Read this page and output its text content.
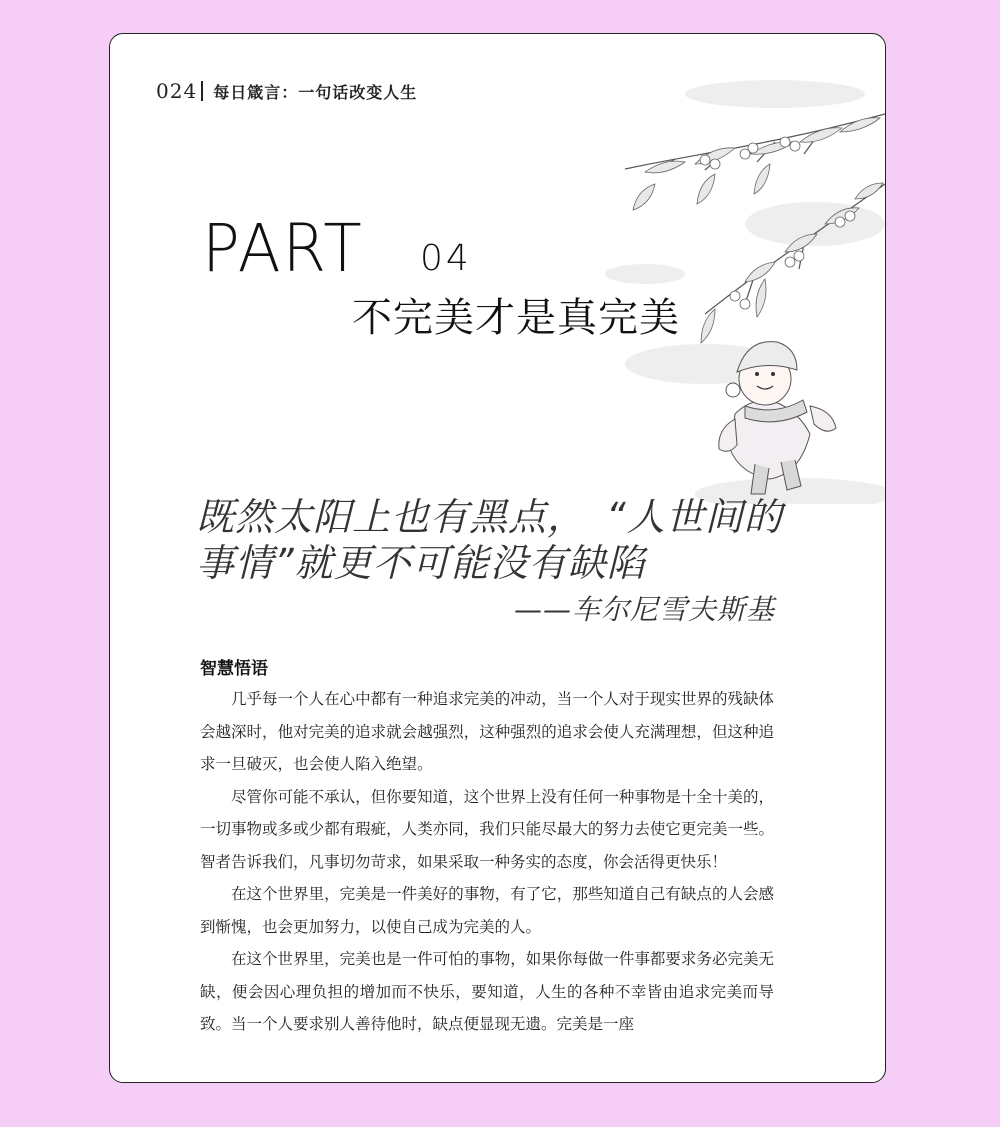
024 每日箴言：一句话改变人生
PART 04
不完美才是真完美
既然太阳上也有黑点，　“人世间的事情”就更不可能没有缺陷
——车尔尼雪夫斯基
智慧悟语

几乎每一个人在心中都有一种追求完美的冲动，当一个人对于现实世界的残缺体会越深时，他对完美的追求就会越强烈，这种强烈的追求会使人充满理想，但这种追求一旦破灭，也会使人陷入绝望。

尽管你可能不承认，但你要知道，这个世界上没有任何一种事物是十全十美的，一切事物或多或少都有瑕疵，人类亦同，我们只能尽最大的努力去使它更完美一些。智者告诉我们，凡事切勿苛求，如果采取一种务实的态度，你会活得更快乐！

在这个世界里，完美是一件美好的事物，有了它，那些知道自己有缺点的人会感到惭愧，也会更加努力，以使自己成为完美的人。

在这个世界里，完美也是一件可怕的事物，如果你每做一件事都要求务必完美无缺，便会因心理负担的增加而不快乐，要知道，人生的各种不幸皆由追求完美而导致。当一个人要求别人善待他时，缺点便显现无遗。完美是一座
